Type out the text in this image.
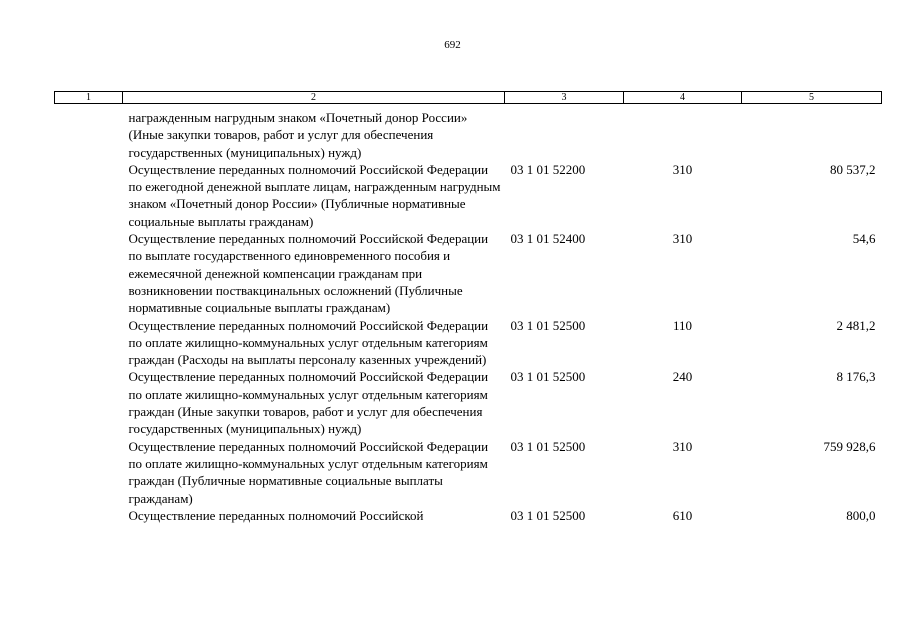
692
1	2	3	4	5
	награжденным нагрудным знаком «Почетный донор России» (Иные закупки товаров, работ и услуг для обеспечения государственных (муниципальных) нужд)			
	Осуществление переданных полномочий Российской Федерации по ежегодной денежной выплате лицам, награжденным нагрудным знаком «Почетный донор России» (Публичные нормативные социальные выплаты гражданам)	03 1 01 52200	310	80 537,2
	Осуществление переданных полномочий Российской Федерации по выплате государственного единовременного пособия и ежемесячной денежной компенсации гражданам при возникновении поствакцинальных осложнений (Публичные нормативные социальные выплаты гражданам)	03 1 01 52400	310	54,6
	Осуществление переданных полномочий Российской Федерации по оплате жилищно-коммунальных услуг отдельным категориям граждан (Расходы на выплаты персоналу казенных учреждений)	03 1 01 52500	110	2 481,2
	Осуществление переданных полномочий Российской Федерации по оплате жилищно-коммунальных услуг отдельным категориям граждан (Иные закупки товаров, работ и услуг для обеспечения государственных (муниципальных) нужд)	03 1 01 52500	240	8 176,3
	Осуществление переданных полномочий Российской Федерации по оплате жилищно-коммунальных услуг отдельным категориям граждан (Публичные нормативные социальные выплаты гражданам)	03 1 01 52500	310	759 928,6
	Осуществление переданных полномочий Российской	03 1 01 52500	610	800,0
